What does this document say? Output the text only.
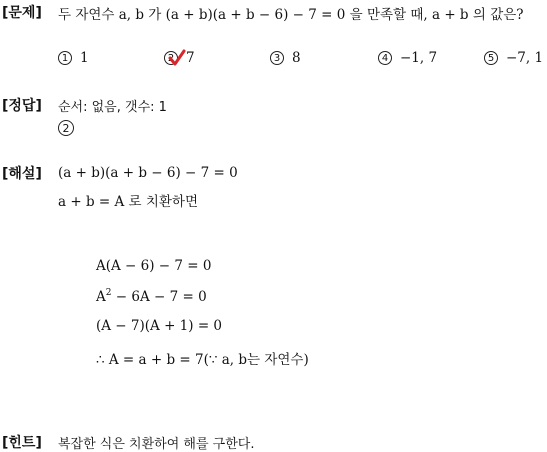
[문제] 두 자연수 a, b 가 (a + b)(a + b − 6) − 7 = 0 을 만족할 때, a + b 의 값은?
1 1	2 7	3 8	4 −1, 7	5 −7, 1
[정답] 순서: 없음, 갯수: 1
2
[해설] (a + b)(a + b − 6) − 7 = 0
a + b = A 로 치환하면
A(A − 6) − 7 = 0
$A^2 - 6A - 7 = 0$
(A − 7)(A + 1) = 0
∴ A = a + b = 7(∵ a, b는 자연수)
[힌트] 복잡한 식은 치환하여 해를 구한다.
